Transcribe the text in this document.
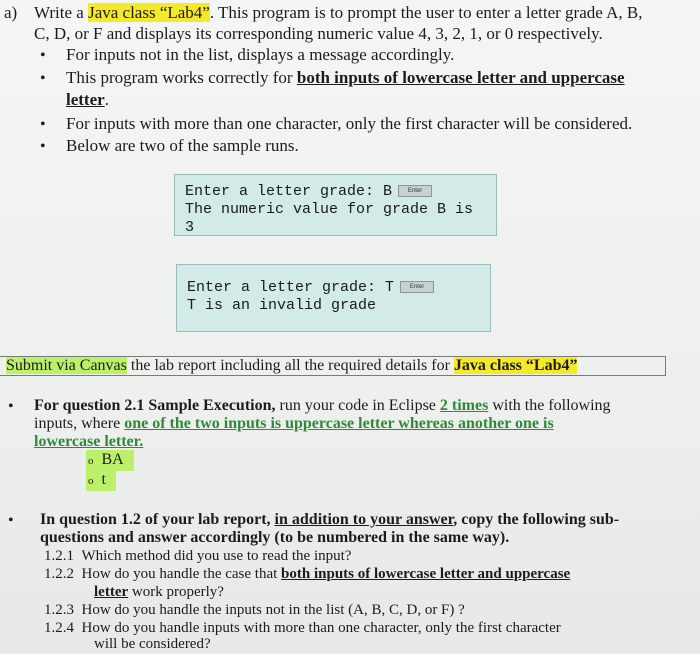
a) Write a Java class “Lab4”. This program is to prompt the user to enter a letter grade A, B,
C, D, or F and displays its corresponding numeric value 4, 3, 2, 1, or 0 respectively.
• For inputs not in the list, displays a message accordingly.
• This program works correctly for both inputs of lowercase letter and uppercase
letter.
• For inputs with more than one character, only the first character will be considered.
• Below are two of the sample runs.
Enter a letter grade: B	Enter
The numeric value for grade B is 3
Enter a letter grade: T	Enter
T is an invalid grade
Submit via Canvas the lab report including all the required details for Java class “Lab4”
• For question 2.1 Sample Execution, run your code in Eclipse 2 times with the following
inputs, where one of the two inputs is uppercase letter whereas another one is
lowercase letter.
o BA
o t
• In question 1.2 of your lab report, in addition to your answer, copy the following sub-
questions and answer accordingly (to be numbered in the same way).
1.2.1 Which method did you use to read the input?
1.2.2 How do you handle the case that both inputs of lowercase letter and uppercase
letter work properly?
1.2.3 How do you handle the inputs not in the list (A, B, C, D, or F) ?
1.2.4 How do you handle inputs with more than one character, only the first character
will be considered?
